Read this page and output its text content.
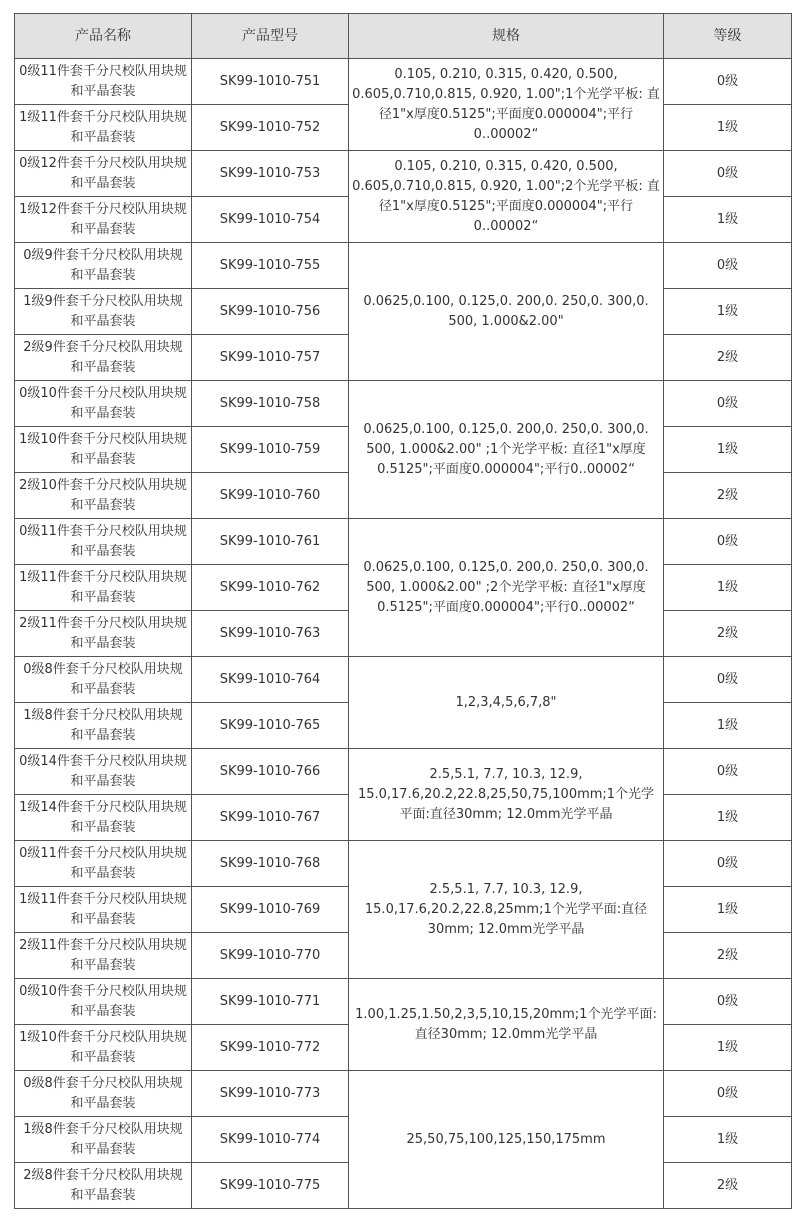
产品名称	产品型号	规格	等级
0级11件套千分尺校队用块规和平晶套装	SK99-1010-751	0.105, 0.210, 0.315, 0.420, 0.500, 0.605,0.710,0.815, 0.920, 1.00";1个光学平板: 直径1"x厚度0.5125";平面度0.000004";平行0..00002“	0级
1级11件套千分尺校队用块规和平晶套装	SK99-1010-752		1级
0级12件套千分尺校队用块规和平晶套装	SK99-1010-753	0.105, 0.210, 0.315, 0.420, 0.500, 0.605,0.710,0.815, 0.920, 1.00";2个光学平板: 直径1"x厚度0.5125";平面度0.000004";平行0..00002“	0级
1级12件套千分尺校队用块规和平晶套装	SK99-1010-754		1级
0级9件套千分尺校队用块规和平晶套装	SK99-1010-755	0.0625,0.100, 0.125,0. 200,0. 250,0. 300,0. 500, 1.000&2.00"	0级
1级9件套千分尺校队用块规和平晶套装	SK99-1010-756		1级
2级9件套千分尺校队用块规和平晶套装	SK99-1010-757		2级
0级10件套千分尺校队用块规和平晶套装	SK99-1010-758	0.0625,0.100, 0.125,0. 200,0. 250,0. 300,0. 500, 1.000&2.00" ;1个光学平板: 直径1"x厚度0.5125";平面度0.000004";平行0..00002“	0级
1级10件套千分尺校队用块规和平晶套装	SK99-1010-759		1级
2级10件套千分尺校队用块规和平晶套装	SK99-1010-760		2级
0级11件套千分尺校队用块规和平晶套装	SK99-1010-761	0.0625,0.100, 0.125,0. 200,0. 250,0. 300,0. 500, 1.000&2.00" ;2个光学平板: 直径1"x厚度0.5125";平面度0.000004";平行0..00002“	0级
1级11件套千分尺校队用块规和平晶套装	SK99-1010-762		1级
2级11件套千分尺校队用块规和平晶套装	SK99-1010-763		2级
0级8件套千分尺校队用块规和平晶套装	SK99-1010-764	1,2,3,4,5,6,7,8"	0级
1级8件套千分尺校队用块规和平晶套装	SK99-1010-765		1级
0级14件套千分尺校队用块规和平晶套装	SK99-1010-766	2.5,5.1, 7.7, 10.3, 12.9, 15.0,17.6,20.2,22.8,25,50,75,100mm;1个光学平面:直径30mm; 12.0mm光学平晶	0级
1级14件套千分尺校队用块规和平晶套装	SK99-1010-767		1级
0级11件套千分尺校队用块规和平晶套装	SK99-1010-768	2.5,5.1, 7.7, 10.3, 12.9, 15.0,17.6,20.2,22.8,25mm;1个光学平面:直径30mm; 12.0mm光学平晶	0级
1级11件套千分尺校队用块规和平晶套装	SK99-1010-769		1级
2级11件套千分尺校队用块规和平晶套装	SK99-1010-770		2级
0级10件套千分尺校队用块规和平晶套装	SK99-1010-771	1.00,1.25,1.50,2,3,5,10,15,20mm;1个光学平面:直径30mm; 12.0mm光学平晶	0级
1级10件套千分尺校队用块规和平晶套装	SK99-1010-772		1级
0级8件套千分尺校队用块规和平晶套装	SK99-1010-773	25,50,75,100,125,150,175mm	0级
1级8件套千分尺校队用块规和平晶套装	SK99-1010-774		1级
2级8件套千分尺校队用块规和平晶套装	SK99-1010-775		2级
